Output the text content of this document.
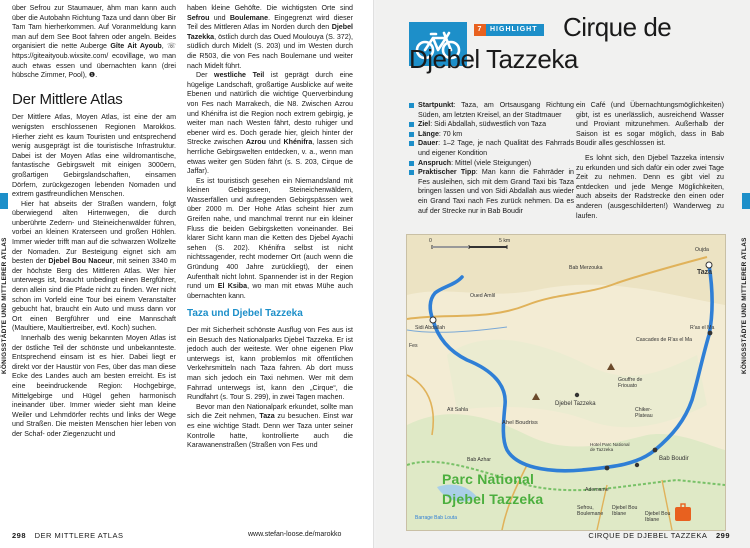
über Sefrou zur Staumauer, ähm man kann auch über die Autobahn Richtung Taza und dann über Bir Tam Tam hierherkommen. Auf Voranmeldung kann man auf dem See Boot fahren oder angeln. Beides organisiert die nette Auberge Gîte Ait Ayoub, ☏ https://giteaityoub.wixsite.com/ ecovillage, wo man auch etwas essen und übernachten kann (drei hübsche Zimmer, Pool), ❶.

Der Mittlere Atlas

Der Mittlere Atlas, Moyen Atlas, ist eine der am wenigsten erschlossenen Regionen Marokkos. Hierher zieht es kaum Touristen und entsprechend wenig ausgeprägt ist die touristische Infrastruktur. Dabei ist der Moyen Atlas eine wildromantische, fantastische Gebirgswelt mit einigen 3000ern, großartigen Gebirgslandschaften, einsamen Dörfern, zurückgezogen lebenden Nomaden und extrem gastfreundlichen Menschen.

Hier hat abseits der Straßen wandern, folgt überwiegend alten Hirtenwegen, die durch unberührte Zedern- und Steineichenwälder führen, vorbei an kleinen Kraterseen und großen Höhlen. Immer wieder trifft man auf die schwarzen Wollzelte der Nomaden. Zur Besteigung eignet sich am besten der Djebel Bou Naceur, mit seinen 3340 m der höchste Berg des Mittleren Atlas. Wer hier unterwegs ist, braucht unbedingt einen Bergführer, denn allein sind die Pfade nicht zu finden. Wer nicht schon im Vorfeld eine Tour bei einem Veranstalter gebucht hat, braucht ein Auto und muss dann vor Ort einen Bergführer und eine Mannschaft (Maultiere, Maultiertreiber, evtl. Koch) suchen.

Innerhalb des wenig bekannten Moyen Atlas ist der östliche Teil der schönste und unbekannteste. Entsprechend einsam ist es hier. Dabei liegt er direkt vor der Haustür von Fes, über das man diese Ecke des Landes auch am besten erreicht. Es ist eine beeindruckende Region: Hochgebirge, Mittelgebirge und Hügel gehen harmonisch ineinander über. Immer wieder sieht man kleine Weiler und Lehmdörfer rechts und links der Wege und Straßen. Die meisten Menschen hier leben von der Schaf- oder Ziegenzucht und

haben kleine Gehöfte. Die wichtigsten Orte sind Sefrou und Boulemane. Eingegrenzt wird dieser Teil des Mittleren Atlas im Norden durch den Djebel Tazekka, östlich durch das Oued Moulouya (S. 372), südlich durch Midelt (S. 203) und im Westen durch die R503, die von Fes nach Boulemane und weiter nach Midelt führt.

Der westliche Teil ist geprägt durch eine hügelige Landschaft, großartige Ausblicke auf weite Ebenen und natürlich die wichtige Querverbindung von Fes nach Marrakech, die N8. Zwischen Azrou und Khénifra ist die Region noch extrem gebirgig, je weiter man nach Westen fährt, desto ruhiger und ebener wird es. Doch gerade hier, gleich hinter der Strecke zwischen Azrou und Khénifra, lassen sich herrliche Gebirgswelten entdecken, v. a., wenn man etwas weiter gen Süden fährt (s. S. 203, Cirque de Jaffar).

Es ist touristisch gesehen ein Niemandsland mit kleinen Gebirgsseen, Steineichenwäldern, Wasserfällen und aufregenden Gebirgspässen weit über 2000 m. Der Hohe Atlas scheint hier zum Greifen nahe, und manchmal trennt nur ein kleiner Fluss die beiden Gebirgsketten voneinander. Bei klarer Sicht kann man die Ketten des Djebel Ayachi sehen (S. 202). Khénifra selbst ist nicht nichtssagender, recht moderner Ort (auch wenn die Gründung 400 Jahre zurückliegt), der einen Aufenthalt nicht lohnt. Spannender ist in der Region rund um El Ksiba, wo man mit etwas Mühe auch übernachten kann.

Taza und Djebel Tazzeka

Der mit Sicherheit schönste Ausflug von Fes aus ist ein Besuch des Nationalparks Djebel Tazzeka. Er ist jedoch auch der weiteste. Wer ohne eigenen Pkw unterwegs ist, kann problemlos mit öffentlichen Verkehrsmitteln nach Taza fahren. Ab dort muss man sich jedoch ein Taxi nehmen. Wer mit dem Fahrrad unterwegs ist, kann den „Cirque“, die Rundfahrt (s. Tour S. 299), in zwei Tagen machen.

Bevor man den Nationalpark erkundet, sollte man sich die Zeit nehmen, Taza zu besuchen. Einst war es eine wichtige Stadt. Denn wer Taza unter seiner Kontrolle hatte, kontrollierte auch die Karawanenstraßen (Straßen von Fes und

KÖNIGSSTÄDTE UND MITTLERER ATLAS
298 DER MITTLERE ATLAS	www.stefan-loose.de/marokko
7 HIGHLIGHT Cirque de
Djebel Tazzeka
Startpunkt: Taza, am Ortsausgang Richtung Süden, am letzten Kreisel, an der Stadtmauer
Ziel: Sidi Abdallah, südwestlich von Taza
Länge: 70 km
Dauer: 1–2 Tage, je nach Qualität des Fahrrads und eigener Kondition
Anspruch: Mittel (viele Steigungen)
Praktischer Tipp: Man kann die Fahrräder in Fes ausleihen, sich mit dem Grand Taxi bis Taza bringen lassen und von Sidi Abdallah aus wieder ein Grand Taxi nach Fes zurück nehmen. Da es auf der Strecke nur in Bab Boudir

ein Café (und Übernachtungsmöglichkeiten) gibt, ist es unerlässlich, ausreichend Wasser und Proviant mitzunehmen. Außerhalb der Saison ist es sogar möglich, dass in Bab Boudir alles geschlossen ist.

Es lohnt sich, den Djebel Tazzeka intensiv zu erkunden und sich dafür ein oder zwei Tage Zeit zu nehmen. Denn es gibt viel zu entdecken und jede Menge Möglichkeiten, auch abseits der Radstrecke den einen oder anderen (ausgeschilderten!) Wanderweg zu laufen.

0	5 km
Oujda
Taza
Bab Merzouka
Oued Amlil
Sidi Abdallah
Fes
R'as el Ma
Cascades de R'as el Ma
Aït Sahla
Ahel Boudriss
Djebel Tazzeka
Gouffre de Friouato
Chiker-Plateau
Bab Azhar
Hotel Parc National de Tazzeka
Bab Boudir
Ademame
Barrage Bab Louta
Sefrou, Boulemane
Djebel Bou Iblane	Djebel Bou Iblane
Parc National
Djebel Tazzeka
KÖNIGSSTÄDTE UND MITTLERER ATLAS
CIRQUE DE DJEBEL TAZZEKA 299
